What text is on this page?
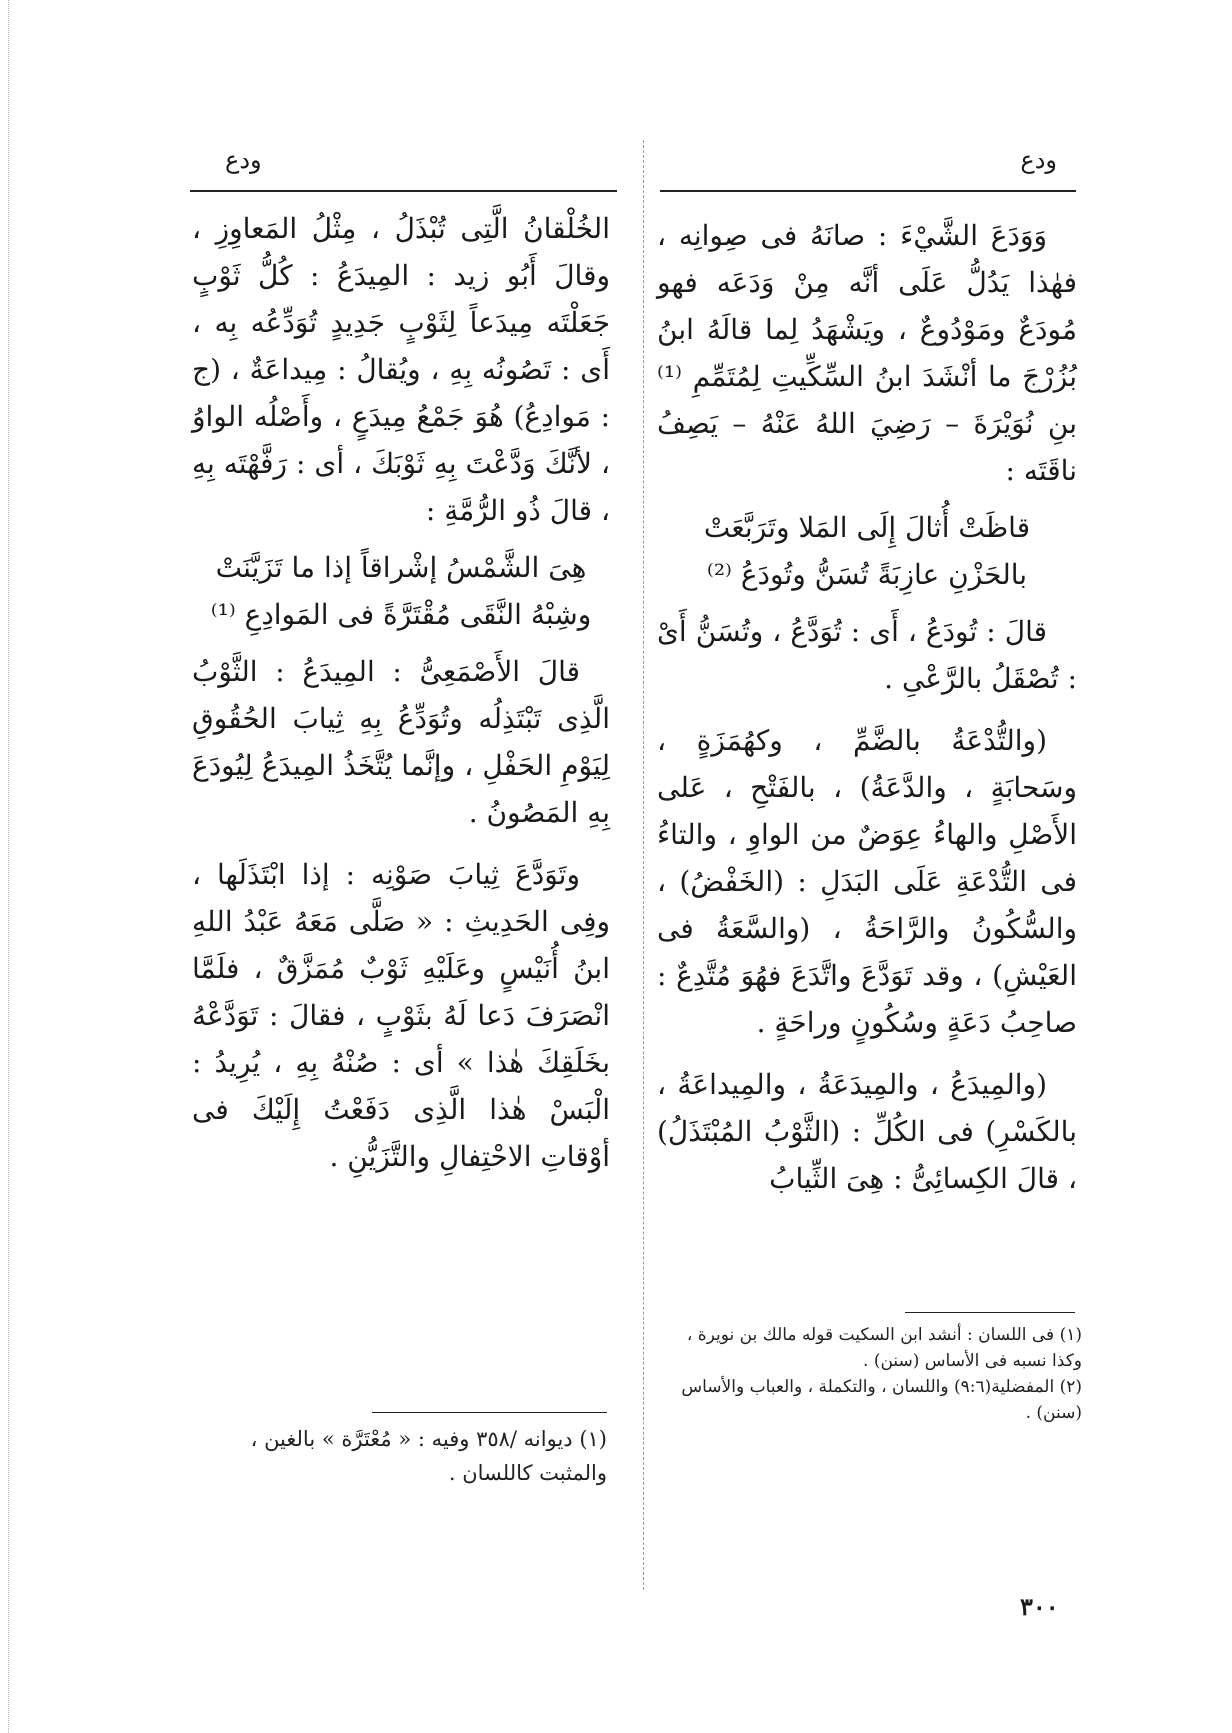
ودع
ودع

وَوَدَعَ الشَّيْءَ : صانَهُ فى صِوانِه ، فهٰذا يَدُلُّ عَلَى أنَّه مِنْ وَدَعَه فهو مُودَعٌ ومَوْدُوعٌ ، ويَشْهَدُ لِما قالَهُ ابنُ بُزُرْجَ ما أنْشَدَ ابنُ السِّكِّيتِ لِمُتَمِّمِ ⁽¹⁾ بنِ نُوَيْرَةَ – رَضِيَ اللهُ عَنْهُ – يَصِفُ ناقَتَه :

قاظَتْ أُثالَ إِلَى المَلا وتَرَبَّعَتْ
بالحَزْنِ عازِبَةً تُسَنُّ وتُودَعُ ⁽²⁾

قالَ : تُودَعُ ، أَى : تُوَدَّعُ ، وتُسَنُّ أَىْ : تُصْقَلُ بالرَّعْىِ .

(والتُّدْعَةُ بالضَّمِّ ، وكهُمَزَةٍ ، وسَحابَةٍ ، والدَّعَةُ) ، بالفَتْحِ ، عَلى الأَصْلِ والهاءُ عِوَضٌ من الواوِ ، والتاءُ فى التُّدْعَةِ عَلَى البَدَلِ : (الخَفْضُ) ، والسُّكُونُ والرَّاحَةُ ، (والسَّعَةُ فى العَيْشِ) ، وقد تَوَدَّعَ واتَّدَعَ فهُوَ مُتَّدِعٌ : صاحِبُ دَعَةٍ وسُكُونٍ وراحَةٍ .

(والمِيدَعُ ، والمِيدَعَةُ ، والمِيداعَةُ ، بالكَسْرِ) فى الكُلِّ : (الثَّوْبُ المُبْتَذَلُ) ، قالَ الكِسائِىُّ : هِىَ الثِّيابُ

(١) فى اللسان : أنشد ابن السكيت قوله مالك بن نويرة ، وكذا نسبه فى الأساس (سنن) .

(٢) المفضلية(٩:٦) واللسان ، والتكملة ، والعباب والأساس (سنن) .

الخُلْقانُ الَّتِى تُبْذَلُ ، مِثْلُ المَعاوِزِ ، وقالَ أَبُو زيد : المِيدَعُ : كُلُّ ثَوْبٍ جَعَلْتَه مِيدَعاً لِثَوْبٍ جَدِيدٍ تُوَدِّعُه بِه ، أَى : تَصُونُه بِهِ ، ويُقالُ : مِيداعَةٌ ، (ج : مَوادِعُ) هُوَ جَمْعُ مِيدَعٍ ، وأَصْلُه الواوُ ، لأنَّكَ وَدَّعْتَ بِهِ ثَوْبَكَ ، أى : رَفَّهْتَه بِهِ ، قالَ ذُو الرُّمَّةِ :

هِىَ الشَّمْسُ إشْراقاً إذا ما تَزَيَّنَتْ
وشِبْهُ النَّقَى مُقْتَرَّةً فى المَوادِعِ ⁽¹⁾

قالَ الأَصْمَعِىُّ : المِيدَعُ : الثَّوْبُ الَّذِى تَبْتَذِلُه وتُوَدِّعُ بِهِ ثِيابَ الحُقُوقِ لِيَوْمِ الحَفْلِ ، وإنَّما يُتَّخَذُ المِيدَعُ لِيُودَعَ بِهِ المَصُونُ .

وتَوَدَّعَ ثِيابَ صَوْنِه : إذا ابْتَذَلَها ، وفِى الحَدِيثِ : « صَلَّى مَعَهُ عَبْدُ اللهِ ابنُ أُنَيْسٍ وعَلَيْهِ ثَوْبٌ مُمَزَّقٌ ، فلَمَّا انْصَرَفَ دَعا لَهُ بثَوْبٍ ، فقالَ : تَوَدَّعْهُ بخَلَقِكَ هٰذا » أى : صُنْهُ بِهِ ، يُرِيدُ : الْبَسْ هٰذا الَّذِى دَفَعْتُ إِلَيْكَ فى أوْقاتِ الاحْتِفالِ والتَّزَيُّنِ .

(١) ديوانه /٣٥٨ وفيه : « مُعْتَرَّة » بالغين ، والمثبت كاللسان .

٣٠٠
